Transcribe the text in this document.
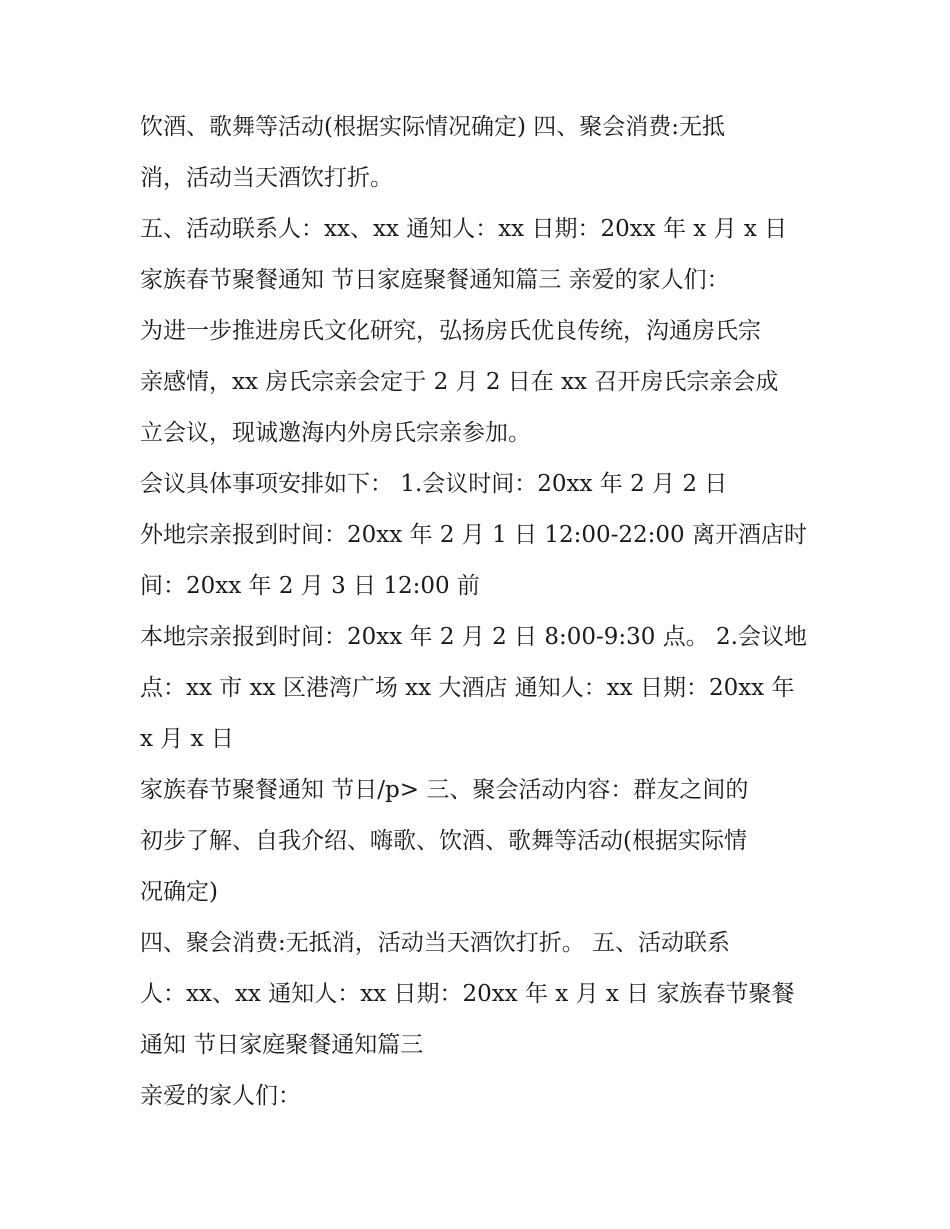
饮酒、歌舞等活动(根据实际情况确定) 四、聚会消费:无抵
消，活动当天酒饮打折。
五、活动联系人：xx、xx 通知人：xx 日期：20xx 年 x 月 x 日
家族春节聚餐通知 节日家庭聚餐通知篇三 亲爱的家人们：
为进一步推进房氏文化研究，弘扬房氏优良传统，沟通房氏宗
亲感情，xx 房氏宗亲会定于 2 月 2 日在 xx 召开房氏宗亲会成
立会议，现诚邀海内外房氏宗亲参加。
会议具体事项安排如下： 1.会议时间：20xx 年 2 月 2 日
外地宗亲报到时间：20xx 年 2 月 1 日 12:00-22:00 离开酒店时
间：20xx 年 2 月 3 日 12:00 前
本地宗亲报到时间：20xx 年 2 月 2 日 8:00-9:30 点。 2.会议地
点：xx 市 xx 区港湾广场 xx 大酒店 通知人：xx 日期：20xx 年
x 月 x 日
家族春节聚餐通知 节日/p> 三、聚会活动内容：群友之间的
初步了解、自我介绍、嗨歌、饮酒、歌舞等活动(根据实际情
况确定)
四、聚会消费:无抵消，活动当天酒饮打折。 五、活动联系
人：xx、xx 通知人：xx 日期：20xx 年 x 月 x 日 家族春节聚餐
通知 节日家庭聚餐通知篇三
亲爱的家人们：
